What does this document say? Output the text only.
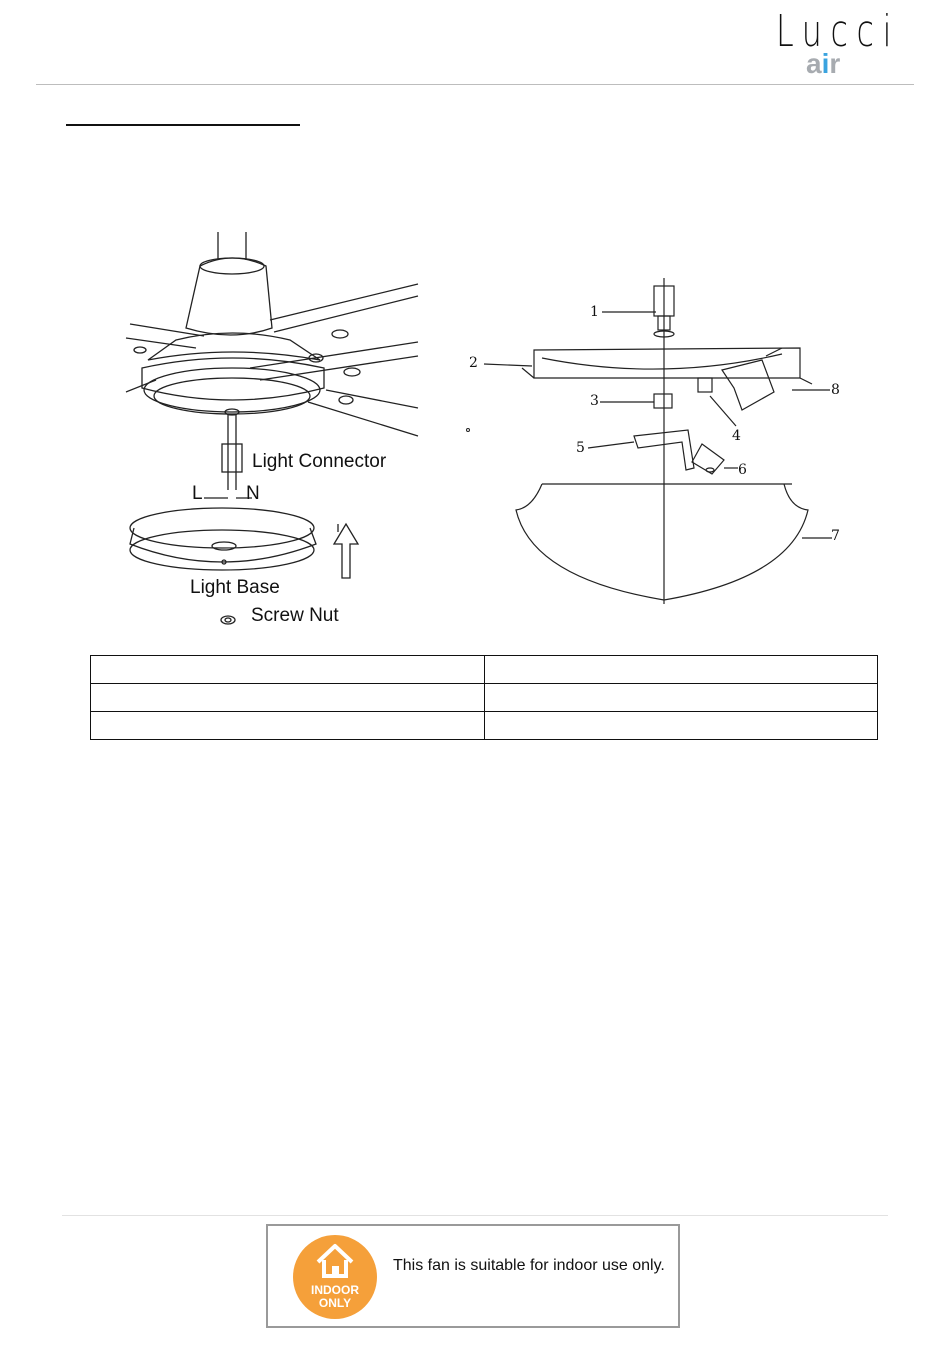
Lucci
air
Light Connector
L N
Light Base
Screw Nut
1
2
3
4
5
6
7
8

INDOOR
ONLY
This fan is suitable for indoor use only.
